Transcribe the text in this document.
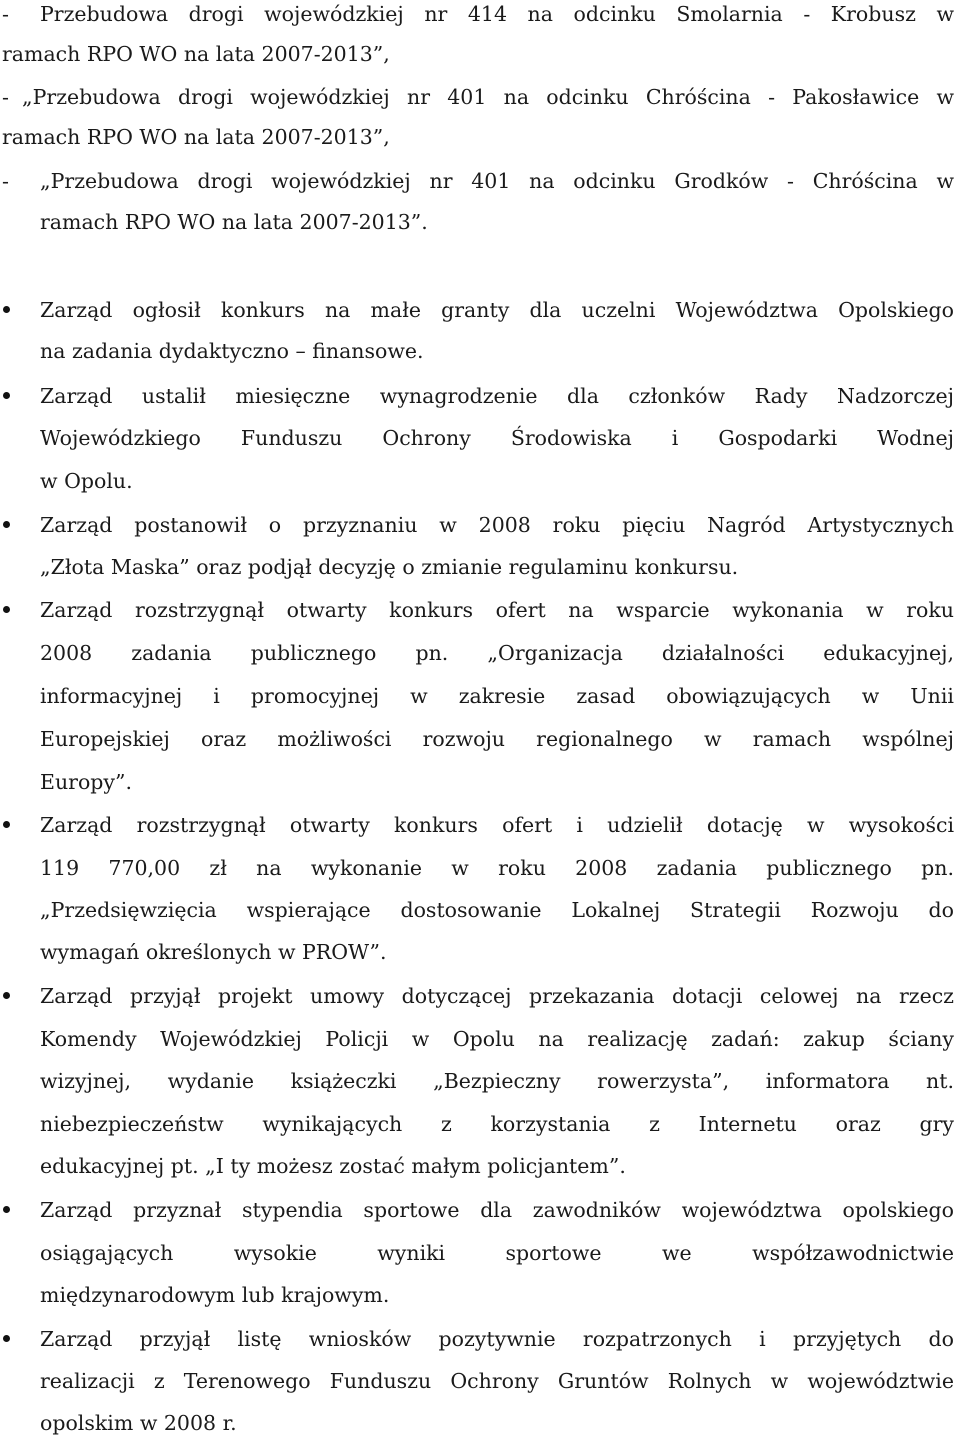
- Przebudowa drogi wojewódzkiej nr 414 na odcinku Smolarnia - Krobusz w
ramach RPO WO na lata 2007-2013”,
- „Przebudowa drogi wojewódzkiej nr 401 na odcinku Chróścina - Pakosławice w
ramach RPO WO na lata 2007-2013”,
- „Przebudowa drogi wojewódzkiej nr 401 na odcinku Grodków - Chróścina w
ramach RPO WO na lata 2007-2013”.
Zarząd ogłosił konkurs na małe granty dla uczelni Województwa Opolskiego
na zadania dydaktyczno – finansowe.
Zarząd ustalił miesięczne wynagrodzenie dla członków Rady Nadzorczej
Wojewódzkiego Funduszu Ochrony Środowiska i Gospodarki Wodnej
w Opolu.
Zarząd postanowił o przyznaniu w 2008 roku pięciu Nagród Artystycznych
„Złota Maska” oraz podjął decyzję o zmianie regulaminu konkursu.
Zarząd rozstrzygnął otwarty konkurs ofert na wsparcie wykonania w roku
2008 zadania publicznego pn. „Organizacja działalności edukacyjnej,
informacyjnej i promocyjnej w zakresie zasad obowiązujących w Unii
Europejskiej oraz możliwości rozwoju regionalnego w ramach wspólnej
Europy”.
Zarząd rozstrzygnął otwarty konkurs ofert i udzielił dotację w wysokości
119 770,00 zł na wykonanie w roku 2008 zadania publicznego pn.
„Przedsięwzięcia wspierające dostosowanie Lokalnej Strategii Rozwoju do
wymagań określonych w PROW”.
Zarząd przyjął projekt umowy dotyczącej przekazania dotacji celowej na rzecz
Komendy Wojewódzkiej Policji w Opolu na realizację zadań: zakup ściany
wizyjnej, wydanie książeczki „Bezpieczny rowerzysta”, informatora nt.
niebezpieczeństw wynikających z korzystania z Internetu oraz gry
edukacyjnej pt. „I ty możesz zostać małym policjantem”.
Zarząd przyznał stypendia sportowe dla zawodników województwa opolskiego
osiągających wysokie wyniki sportowe we współzawodnictwie
międzynarodowym lub krajowym.
Zarząd przyjął listę wniosków pozytywnie rozpatrzonych i przyjętych do
realizacji z Terenowego Funduszu Ochrony Gruntów Rolnych w województwie
opolskim w 2008 r.
